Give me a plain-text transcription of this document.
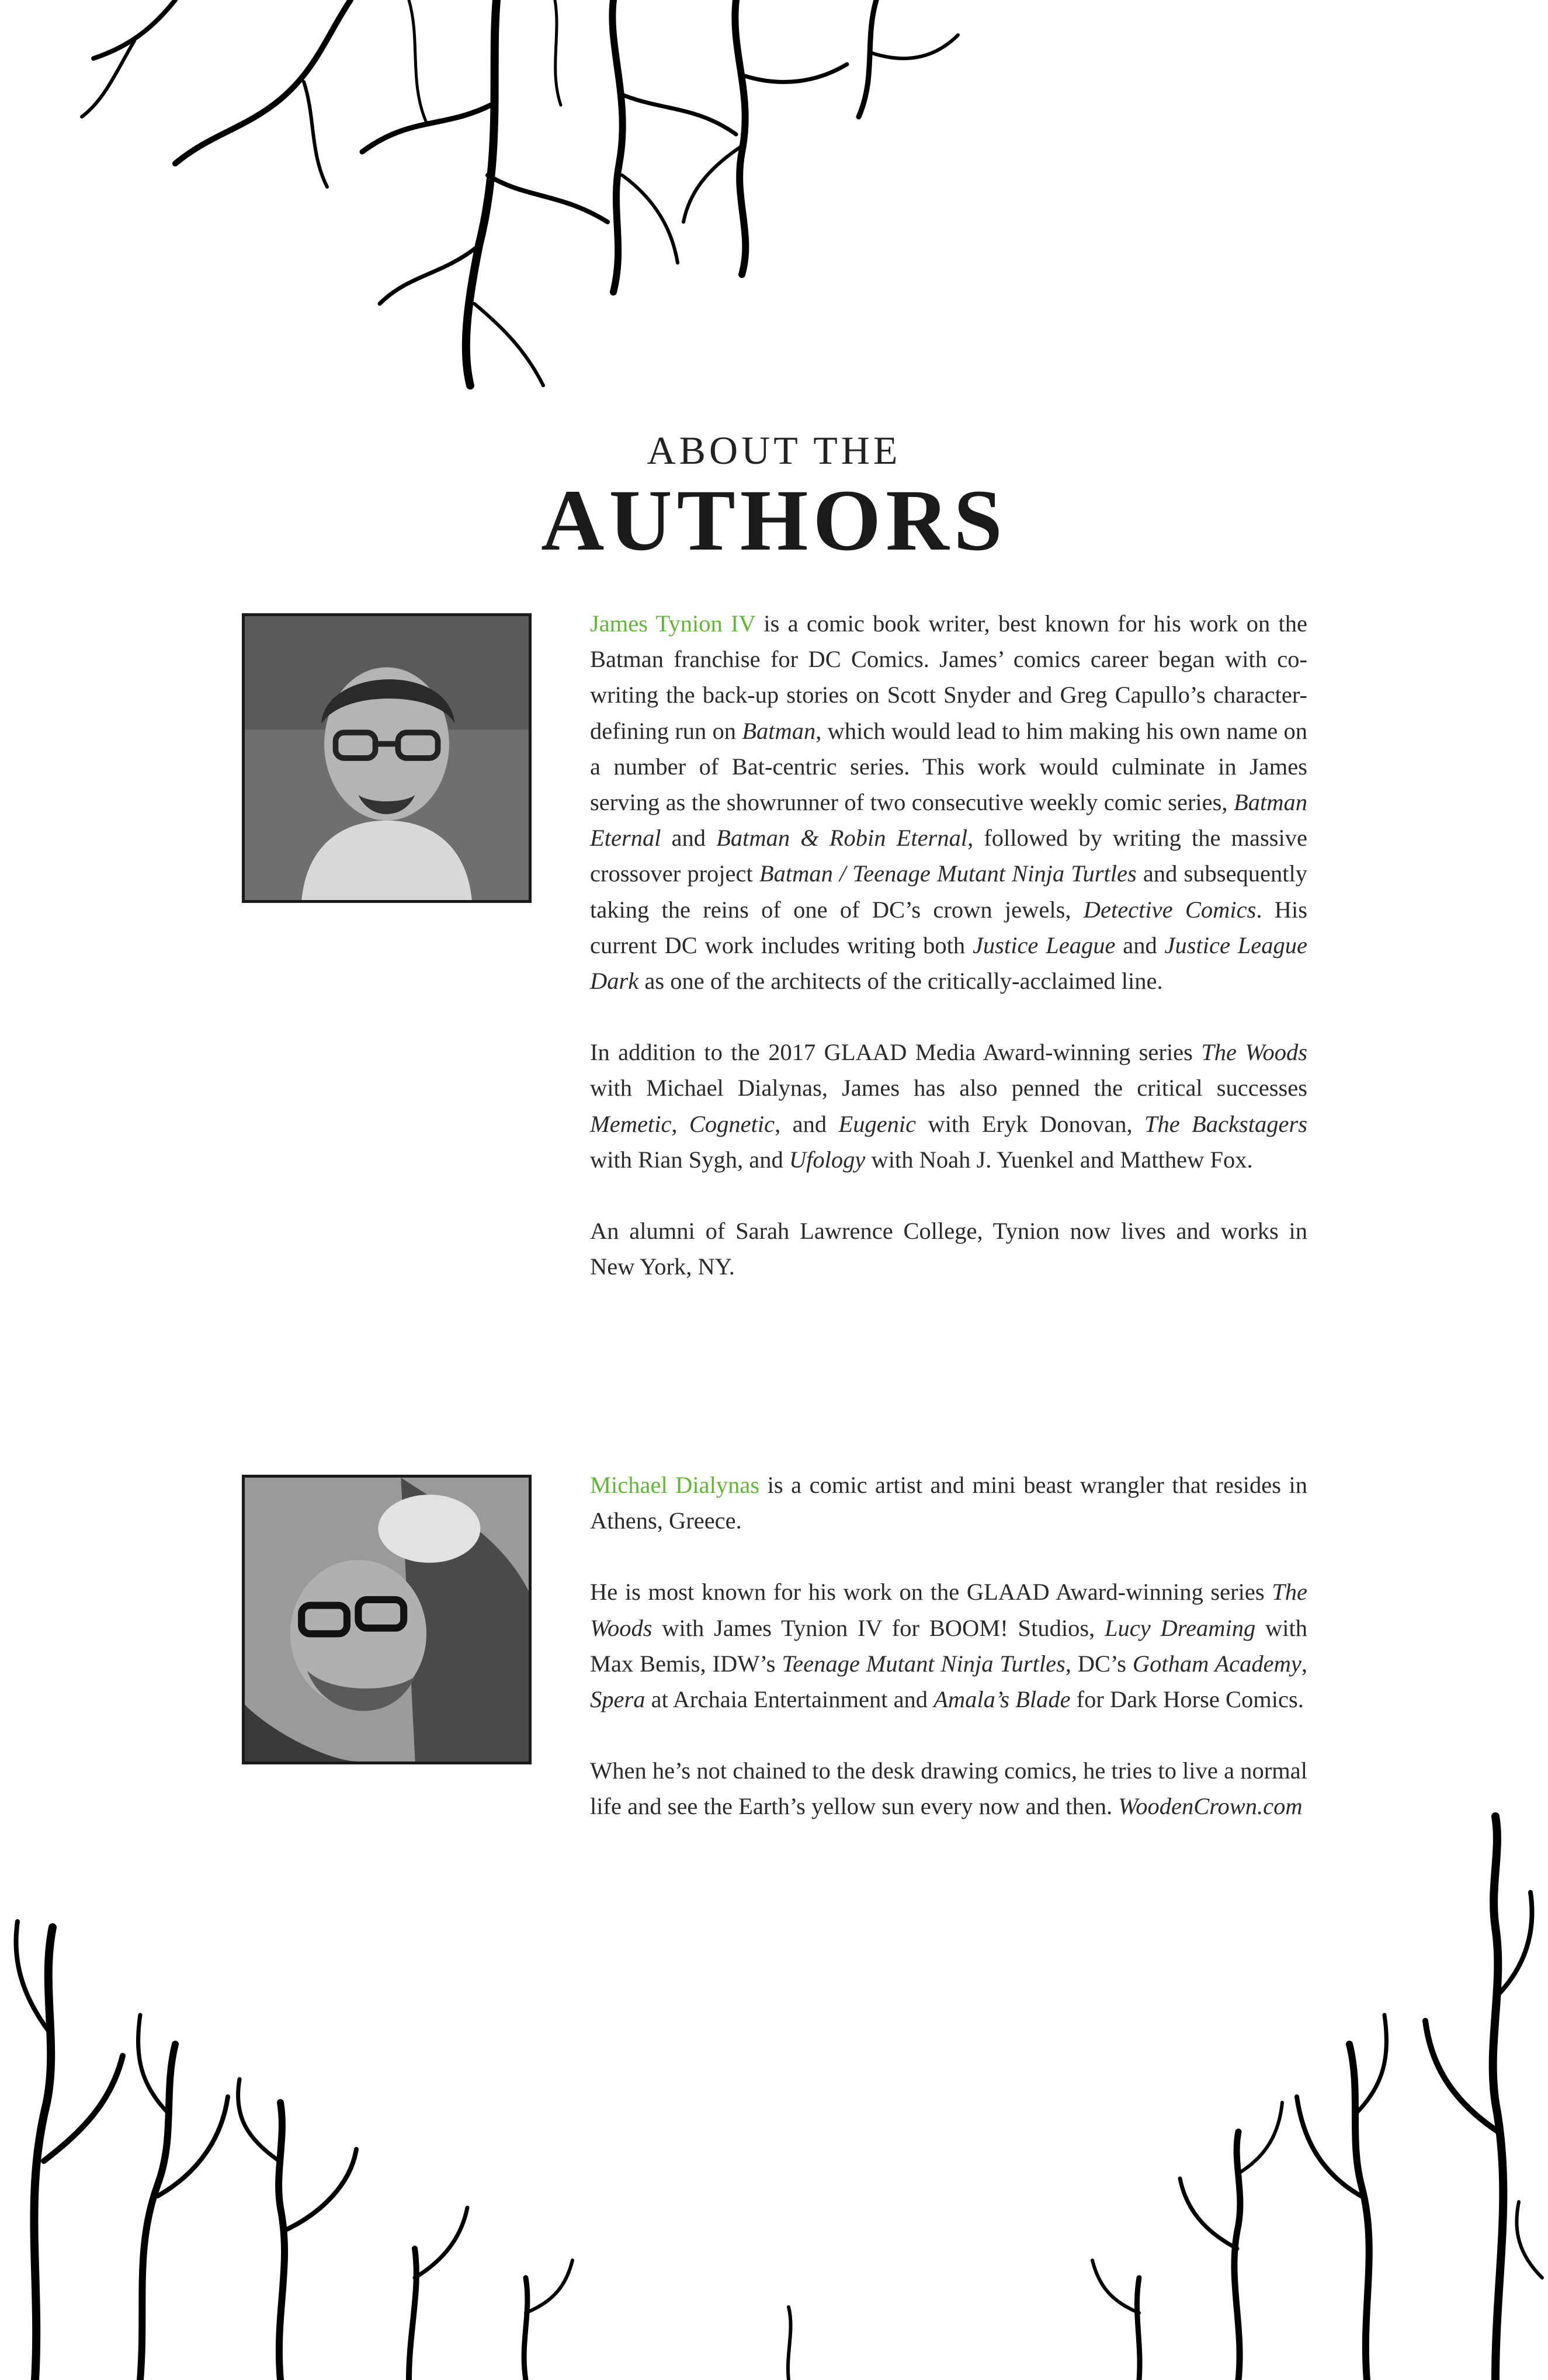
ABOUT THE
AUTHORS

James Tynion IV is a comic book writer, best known for his work on the Batman franchise for DC Comics. James’ comics career began with co-writing the back-up stories on Scott Snyder and Greg Capullo’s character-defining run on Batman, which would lead to him making his own name on a number of Bat-centric series. This work would culminate in James serving as the showrunner of two consecutive weekly comic series, Batman Eternal and Batman & Robin Eternal, followed by writing the massive crossover project Batman / Teenage Mutant Ninja Turtles and subsequently taking the reins of one of DC’s crown jewels, Detective Comics. His current DC work includes writing both Justice League and Justice League Dark as one of the architects of the critically-acclaimed line.

In addition to the 2017 GLAAD Media Award-winning series The Woods with Michael Dialynas, James has also penned the critical successes Memetic, Cognetic, and Eugenic with Eryk Donovan, The Backstagers with Rian Sygh, and Ufology with Noah J. Yuenkel and Matthew Fox.

An alumni of Sarah Lawrence College, Tynion now lives and works in New York, NY.

Michael Dialynas is a comic artist and mini beast wrangler that resides in Athens, Greece.

He is most known for his work on the GLAAD Award-winning series The Woods with James Tynion IV for BOOM! Studios, Lucy Dreaming with Max Bemis, IDW’s Teenage Mutant Ninja Turtles, DC’s Gotham Academy, Spera at Archaia Entertainment and Amala’s Blade for Dark Horse Comics.

When he’s not chained to the desk drawing comics, he tries to live a normal life and see the Earth’s yellow sun every now and then. WoodenCrown.com
